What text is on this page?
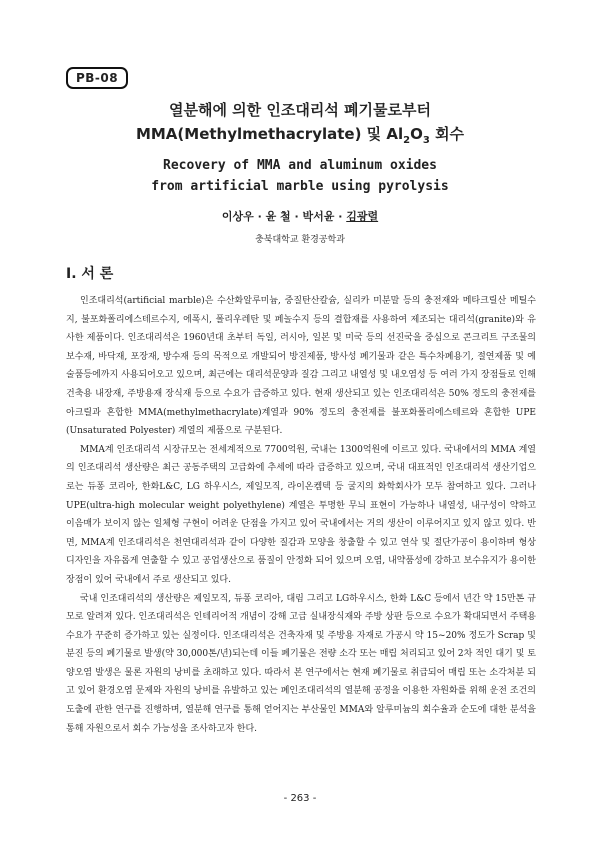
PB-08
열분해에 의한 인조대리석 폐기물로부터
MMA(Methylmethacrylate) 및 $Al_2O_3$ 회수
Recovery of MMA and aluminum oxides
from artificial marble using pyrolysis
이상우 · 윤 철 · 박서윤 · 김광렬
충북대학교 환경공학과
I. 서 론

인조대리석(artificial marble)은 수산화알루미늄, 중질탄산칼슘, 실리카 미분말 등의 충전재와 메타크릴산 메틸수지, 불포화폴리에스테르수지, 에폭시, 폴리우레탄 및 페놀수지 등의 결합재를 사용하여 제조되는 대리석(granite)와 유사한 제품이다. 인조대리석은 1960년대 초부터 독일, 러시아, 일본 및 미국 등의 선진국을 중심으로 콘크리트 구조물의 보수재, 바닥재, 포장재, 방수재 등의 목적으로 개발되어 방진제품, 방사성 폐기물과 같은 특수차폐용기, 절연제품 및 예술품등에까지 사용되어오고 있으며, 최근에는 대리석문양과 질감 그리고 내열성 및 내오염성 등 여러 가지 장점들로 인해 건축용 내장재, 주방용재 장식재 등으로 수요가 급증하고 있다. 현재 생산되고 있는 인조대리석은 50% 정도의 충전제를 아크릴과 혼합한 MMA(methylmethacrylate)계열과 90% 정도의 충전제를 불포화폴리에스테르와 혼합한 UPE (Unsaturated Polyester) 계열의 제품으로 구분된다.

MMA계 인조대리석 시장규모는 전세계적으로 7700억원, 국내는 1300억원에 이르고 있다. 국내에서의 MMA 계열의 인조대리석 생산량은 최근 공동주택의 고급화에 추세에 따라 급증하고 있으며, 국내 대표적인 인조대리석 생산기업으로는 듀퐁 코리아, 한화L&C, LG 하우시스, 제일모직, 라이온켐텍 등 굴지의 화학회사가 모두 참여하고 있다. 그러나 UPE(ultra-high molecular weight polyethylene) 계열은 투명한 무늬 표현이 가능하나 내열성, 내구성이 약하고 이음매가 보이지 않는 일체형 구현이 어려운 단점을 가지고 있어 국내에서는 거의 생산이 이루어지고 있지 않고 있다. 반면, MMA계 인조대리석은 천연대리석과 같이 다양한 질감과 모양을 창출할 수 있고 연삭 및 절단가공이 용이하며 형상디자인을 자유롭게 연출할 수 있고 공업생산으로 품질이 안정화 되어 있으며 오염, 내약품성에 강하고 보수유지가 용이한 장점이 있어 국내에서 주로 생산되고 있다.

국내 인조대리석의 생산량은 제일모직, 듀퐁 코리아, 대림 그리고 LG하우시스, 한화 L&C 등에서 년간 약 15만톤 규모로 알려져 있다. 인조대리석은 인테리어적 개념이 강해 고급 실내장식재와 주방 상판 등으로 수요가 확대되면서 주택용 수요가 꾸준히 증가하고 있는 실정이다. 인조대리석은 건축자재 및 주방용 자재로 가공시 약 15~20% 정도가 Scrap 및 분진 등의 폐기물로 발생(약 30,000톤/년)되는데 이들 폐기물은 전량 소각 또는 매립 처리되고 있어 2차 적인 대기 및 토양오염 발생은 물론 자원의 낭비를 초래하고 있다. 따라서 본 연구에서는 현재 폐기물로 취급되어 매립 또는 소각처분 되고 있어 환경오염 문제와 자원의 낭비를 유발하고 있는 폐인조대리석의 열분해 공정을 이용한 자원화를 위해 운전 조건의 도출에 관한 연구를 진행하며, 열분해 연구를 통해 얻어지는 부산물인 MMA와 알루미늄의 회수율과 순도에 대한 분석을 통해 자원으로서 회수 가능성을 조사하고자 한다.

- 263 -
